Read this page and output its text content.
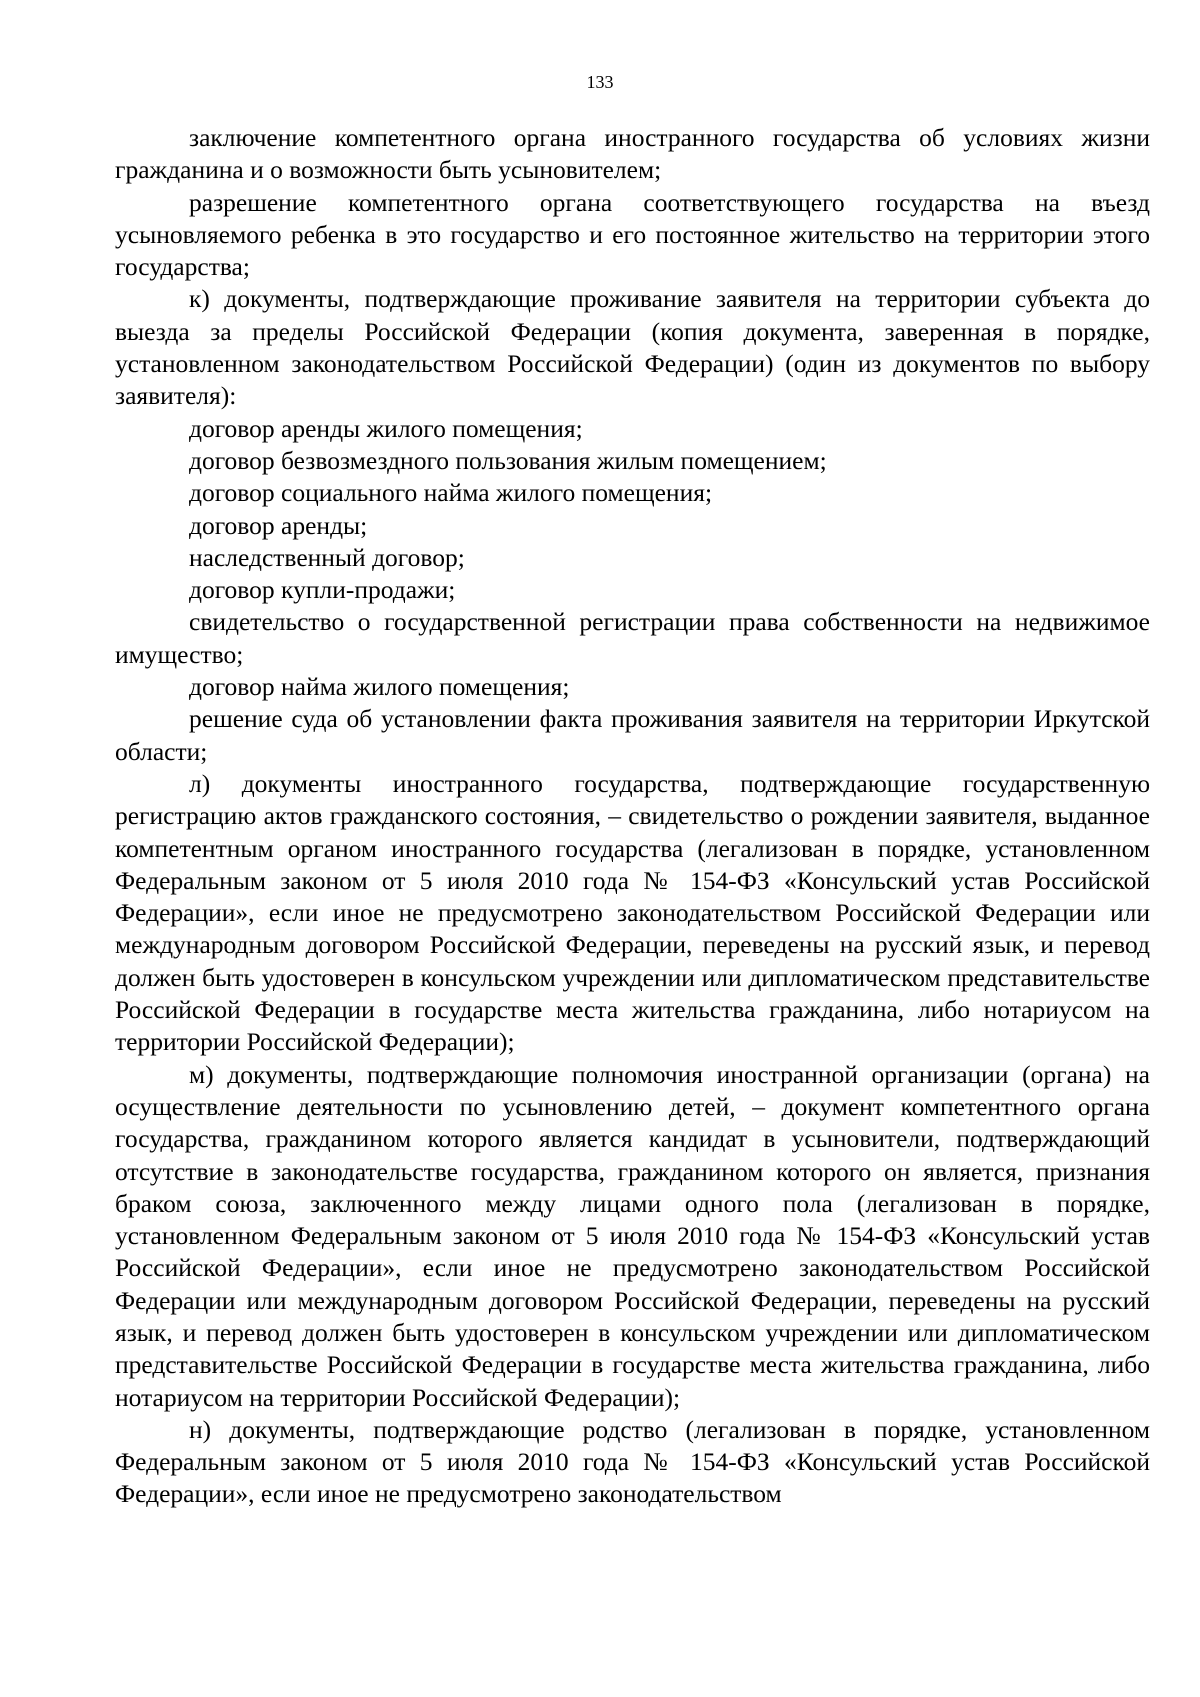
133

заключение компетентного органа иностранного государства об условиях жизни гражданина и о возможности быть усыновителем;

разрешение компетентного органа соответствующего государства на въезд усыновляемого ребенка в это государство и его постоянное жительство на территории этого государства;

к) документы, подтверждающие проживание заявителя на территории субъекта до выезда за пределы Российской Федерации (копия документа, заверенная в порядке, установленном законодательством Российской Федерации) (один из документов по выбору заявителя):

договор аренды жилого помещения;

договор безвозмездного пользования жилым помещением;

договор социального найма жилого помещения;

договор аренды;

наследственный договор;

договор купли-продажи;

свидетельство о государственной регистрации права собственности на недвижимое имущество;

договор найма жилого помещения;

решение суда об установлении факта проживания заявителя на территории Иркутской области;

л) документы иностранного государства, подтверждающие государственную регистрацию актов гражданского состояния, – свидетельство о рождении заявителя, выданное компетентным органом иностранного государства (легализован в порядке, установленном Федеральным законом от 5 июля 2010 года № 154-ФЗ «Консульский устав Российской Федерации», если иное не предусмотрено законодательством Российской Федерации или международным договором Российской Федерации, переведены на русский язык, и перевод должен быть удостоверен в консульском учреждении или дипломатическом представительстве Российской Федерации в государстве места жительства гражданина, либо нотариусом на территории Российской Федерации);

м) документы, подтверждающие полномочия иностранной организации (органа) на осуществление деятельности по усыновлению детей, – документ компетентного органа государства, гражданином которого является кандидат в усыновители, подтверждающий отсутствие в законодательстве государства, гражданином которого он является, признания браком союза, заключенного между лицами одного пола (легализован в порядке, установленном Федеральным законом от 5 июля 2010 года № 154-ФЗ «Консульский устав Российской Федерации», если иное не предусмотрено законодательством Российской Федерации или международным договором Российской Федерации, переведены на русский язык, и перевод должен быть удостоверен в консульском учреждении или дипломатическом представительстве Российской Федерации в государстве места жительства гражданина, либо нотариусом на территории Российской Федерации);

н) документы, подтверждающие родство (легализован в порядке, установленном Федеральным законом от 5 июля 2010 года № 154-ФЗ «Консульский устав Российской Федерации», если иное не предусмотрено законодательством
